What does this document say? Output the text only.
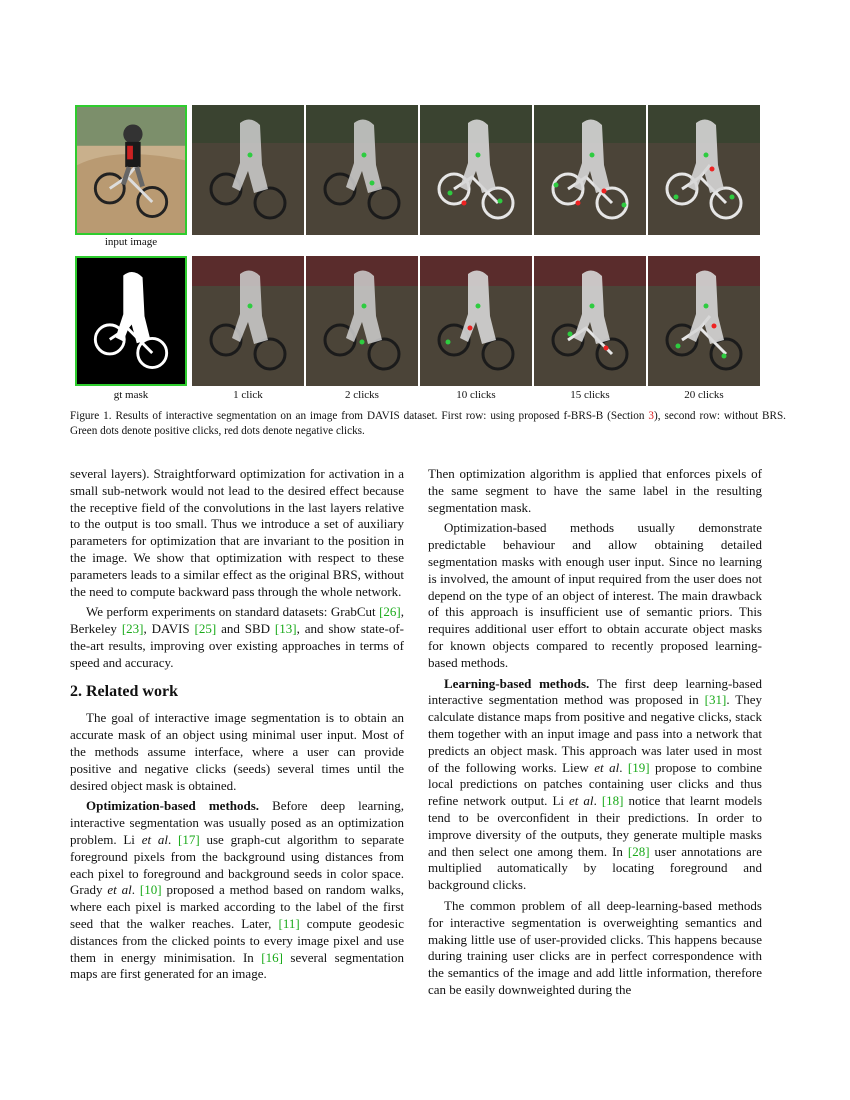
input image
gt mask	1 click	2 clicks	10 clicks	15 clicks	20 clicks
Figure 1. Results of interactive segmentation on an image from DAVIS dataset. First row: using proposed f-BRS-B (Section 3), second row: without BRS. Green dots denote positive clicks, red dots denote negative clicks.

several layers). Straightforward optimization for activation in a small sub-network would not lead to the desired effect because the receptive field of the convolutions in the last layers relative to the output is too small. Thus we introduce a set of auxiliary parameters for optimization that are invariant to the position in the image. We show that optimization with respect to these parameters leads to a similar effect as the original BRS, without the need to compute backward pass through the whole network.

We perform experiments on standard datasets: GrabCut [26], Berkeley [23], DAVIS [25] and SBD [13], and show state-of-the-art results, improving over existing approaches in terms of speed and accuracy.

2. Related work

The goal of interactive image segmentation is to obtain an accurate mask of an object using minimal user input. Most of the methods assume interface, where a user can provide positive and negative clicks (seeds) several times until the desired object mask is obtained.

Optimization-based methods. Before deep learning, interactive segmentation was usually posed as an optimization problem. Li et al. [17] use graph-cut algorithm to separate foreground pixels from the background using distances from each pixel to foreground and background seeds in color space. Grady et al. [10] proposed a method based on random walks, where each pixel is marked according to the label of the first seed that the walker reaches. Later, [11] compute geodesic distances from the clicked points to every image pixel and use them in energy minimisation. In [16] several segmentation maps are first generated for an image.

Then optimization algorithm is applied that enforces pixels of the same segment to have the same label in the resulting segmentation mask.

Optimization-based methods usually demonstrate predictable behaviour and allow obtaining detailed segmentation masks with enough user input. Since no learning is involved, the amount of input required from the user does not depend on the type of an object of interest. The main drawback of this approach is insufficient use of semantic priors. This requires additional user effort to obtain accurate object masks for known objects compared to recently proposed learning-based methods.

Learning-based methods. The first deep learning-based interactive segmentation method was proposed in [31]. They calculate distance maps from positive and negative clicks, stack them together with an input image and pass into a network that predicts an object mask. This approach was later used in most of the following works. Liew et al. [19] propose to combine local predictions on patches containing user clicks and thus refine network output. Li et al. [18] notice that learnt models tend to be overconfident in their predictions. In order to improve diversity of the outputs, they generate multiple masks and then select one among them. In [28] user annotations are multiplied automatically by locating foreground and background clicks.

The common problem of all deep-learning-based methods for interactive segmentation is overweighting semantics and making little use of user-provided clicks. This happens because during training user clicks are in perfect correspondence with the semantics of the image and add little information, therefore can be easily downweighted during the
